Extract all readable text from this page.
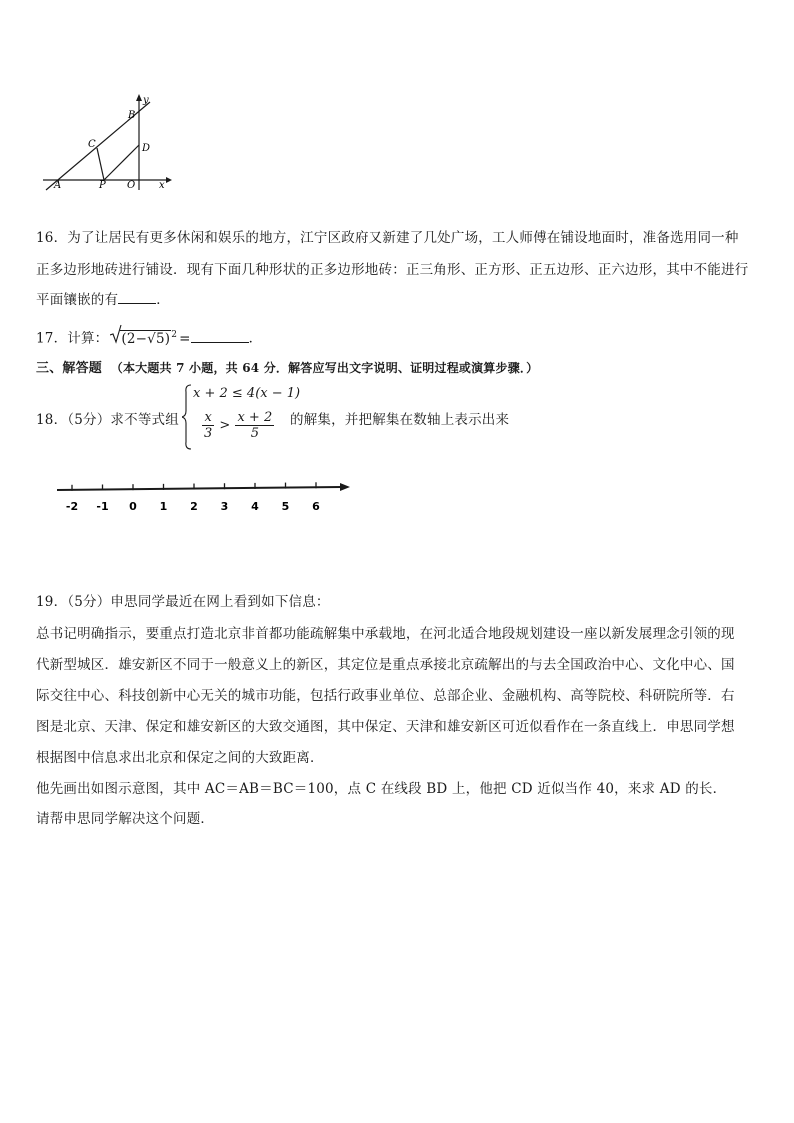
y
B
D
C
A	P O x
16．为了让居民有更多休闲和娱乐的地方，江宁区政府又新建了几处广场，工人师傅在铺设地面时，准备选用同一种
正多边形地砖进行铺设．现有下面几种形状的正多边形地砖：正三角形、正方形、正五边形、正六边形，其中不能进行
平面镶嵌的有	．
17．计算： $(2-√5)^2$ =	．
三、解答题 （本大题共 7 小题，共 64 分．解答应写出文字说明、证明过程或演算步骤．）
18．（5分）求不等式组
x + 2 ≤ 4(x − 1)
$\frac{x}{3} > \frac{x + 2}{5}$ 的解集，并把解集在数轴上表示出来
-2 -1 0 1 2 3 4 5 6
19．（5分）申思同学最近在网上看到如下信息：
总书记明确指示，要重点打造北京非首都功能疏解集中承载地，在河北适合地段规划建设一座以新发展理念引领的现
代新型城区．雄安新区不同于一般意义上的新区，其定位是重点承接北京疏解出的与去全国政治中心、文化中心、国
际交往中心、科技创新中心无关的城市功能，包括行政事业单位、总部企业、金融机构、高等院校、科研院所等．右
图是北京、天津、保定和雄安新区的大致交通图，其中保定、天津和雄安新区可近似看作在一条直线上．申思同学想
根据图中信息求出北京和保定之间的大致距离．
他先画出如图示意图，其中 AC＝AB＝BC＝100，点 C 在线段 BD 上，他把 CD 近似当作 40，来求 AD 的长．
请帮申思同学解决这个问题．
